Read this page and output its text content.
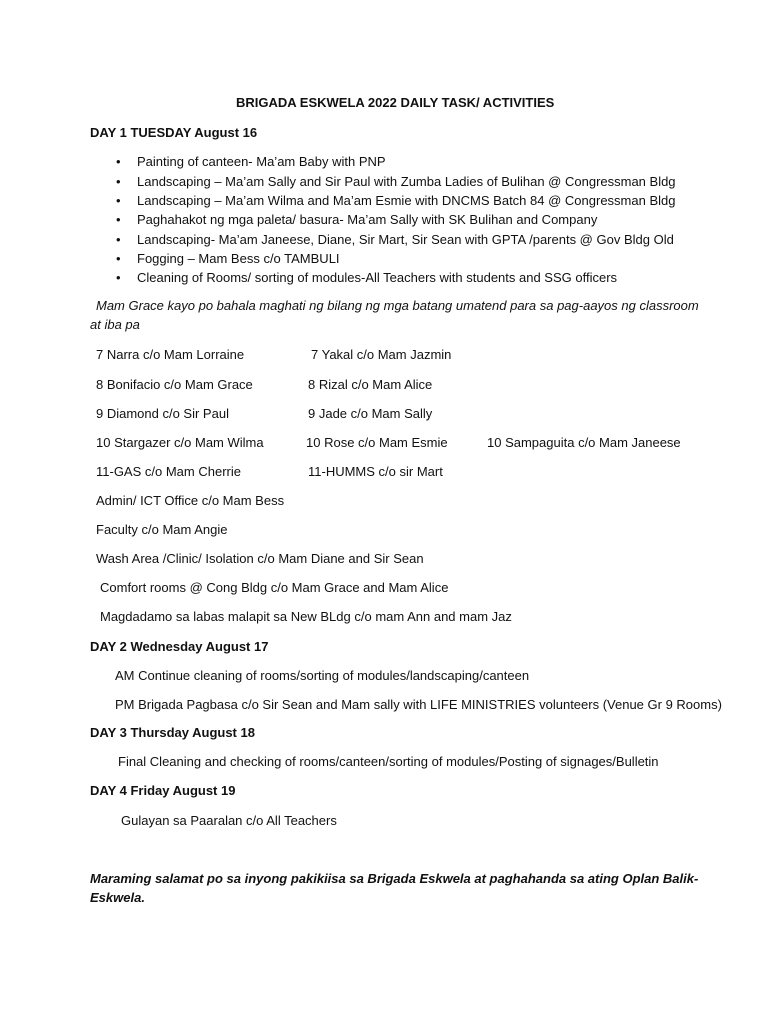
BRIGADA ESKWELA 2022 DAILY TASK/ ACTIVITIES
DAY 1 TUESDAY August 16
• Painting of canteen- Ma’am Baby with PNP
• Landscaping – Ma’am Sally and Sir Paul with Zumba Ladies of Bulihan @ Congressman Bldg
• Landscaping – Ma’am Wilma and Ma’am Esmie with DNCMS Batch 84 @ Congressman Bldg
• Paghahakot ng mga paleta/ basura- Ma’am Sally with SK Bulihan and Company
• Landscaping- Ma’am Janeese, Diane, Sir Mart, Sir Sean with GPTA /parents @ Gov Bldg Old
• Fogging – Mam Bess c/o TAMBULI
• Cleaning of Rooms/ sorting of modules-All Teachers with students and SSG officers
Mam Grace kayo po bahala maghati ng bilang ng mga batang umatend para sa pag-aayos ng classroom
at iba pa
7 Narra c/o Mam Lorraine	7 Yakal c/o Mam Jazmin
8 Bonifacio c/o Mam Grace	8 Rizal c/o Mam Alice
9 Diamond c/o Sir Paul	9 Jade c/o Mam Sally
10 Stargazer c/o Mam Wilma	10 Rose c/o Mam Esmie	10 Sampaguita c/o Mam Janeese
11-GAS c/o Mam Cherrie	11-HUMMS c/o sir Mart
Admin/ ICT Office c/o Mam Bess
Faculty c/o Mam Angie
Wash Area /Clinic/ Isolation c/o Mam Diane and Sir Sean
Comfort rooms @ Cong Bldg c/o Mam Grace and Mam Alice
Magdadamo sa labas malapit sa New BLdg c/o mam Ann and mam Jaz
DAY 2 Wednesday August 17
AM Continue cleaning of rooms/sorting of modules/landscaping/canteen
PM Brigada Pagbasa c/o Sir Sean and Mam sally with LIFE MINISTRIES volunteers (Venue Gr 9 Rooms)
DAY 3 Thursday August 18
Final Cleaning and checking of rooms/canteen/sorting of modules/Posting of signages/Bulletin
DAY 4 Friday August 19
Gulayan sa Paaralan c/o All Teachers
Maraming salamat po sa inyong pakikiisa sa Brigada Eskwela at paghahanda sa ating Oplan Balik-
Eskwela.
